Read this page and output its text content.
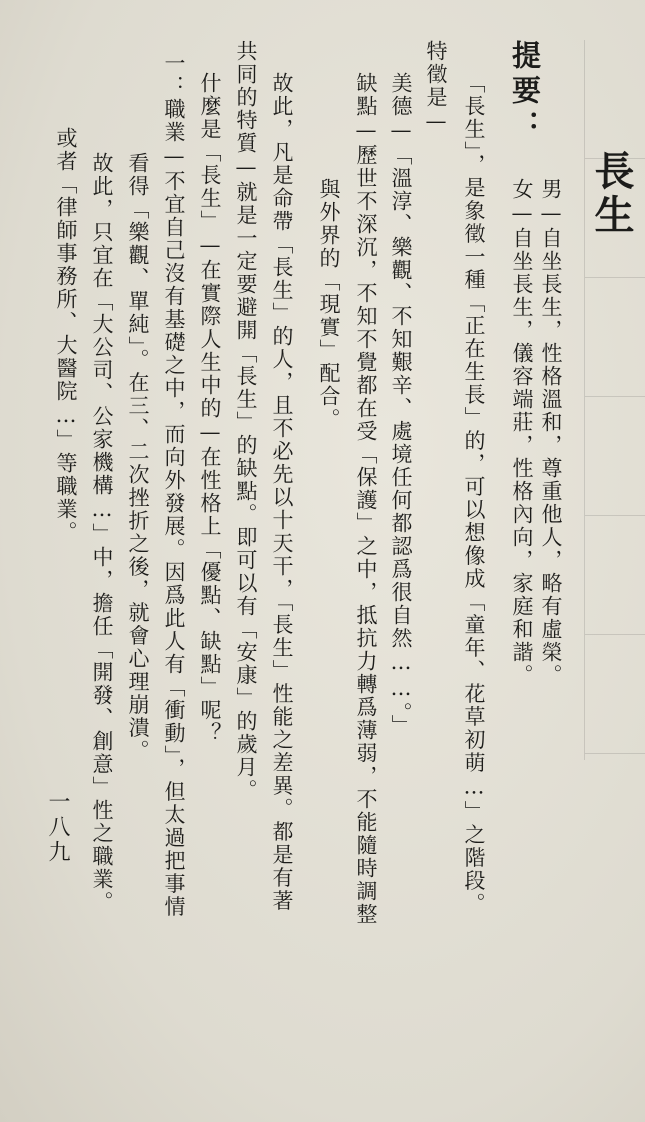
長生
提要：
男—自坐長生，性格溫和，尊重他人，略有虛榮。
女—自坐長生，儀容端莊，性格內向，家庭和諧。
「長生」，是象徵一種「正在生長」的，可以想像成「童年、花草初萌…」之階段。
特徵是—
美德—「溫淳、樂觀、不知艱辛、處境任何都認爲很自然……。」
缺點—歷世不深沉，不知不覺都在受「保護」之中，抵抗力轉爲薄弱，不能隨時調整
與外界的「現實」配合。
故此，凡是命帶「長生」的人，且不必先以十天干，「長生」性能之差異。都是有著
共同的特質—就是一定要避開「長生」的缺點。即可以有「安康」的歲月。
什麼是「長生」—在實際人生中的—在性格上「優點、缺點」呢？
一：職業—不宜自己沒有基礎之中，而向外發展。因爲此人有「衝動」，但太過把事情
看得「樂觀、單純」。在三、二次挫折之後，就會心理崩潰。
故此，只宜在「大公司、公家機構…」中，擔任「開發、創意」性之職業。
或者「律師事務所、大醫院…」等職業。
一八九
